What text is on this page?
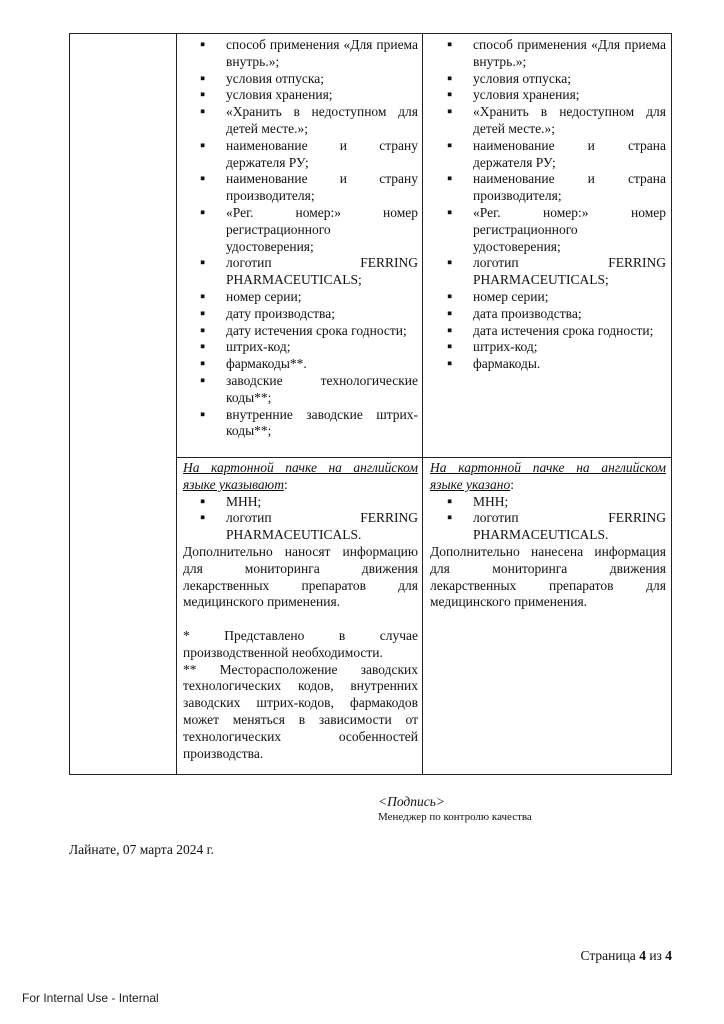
▪ способ применения «Для приема внутрь.»;
▪ условия отпуска;
▪ условия хранения;
▪ «Хранить в недоступном для детей месте.»;
▪ наименование и страну держателя РУ;
▪ наименование и страну производителя;
▪ «Рег. номер:» номер регистрационного удостоверения;
▪ логотип FERRING PHARMACEUTICALS;
▪ номер серии;
▪ дату производства;
▪ дату истечения срока годности;
▪ штрих-код;
▪ фармакоды**.
▪ заводские технологические коды**;
▪ внутренние заводские штрих-коды**;
▪ способ применения «Для приема внутрь.»;
▪ условия отпуска;
▪ условия хранения;
▪ «Хранить в недоступном для детей месте.»;
▪ наименование и страна держателя РУ;
▪ наименование и страна производителя;
▪ «Рег. номер:» номер регистрационного удостоверения;
▪ логотип FERRING PHARMACEUTICALS;
▪ номер серии;
▪ дата производства;
▪ дата истечения срока годности;
▪ штрих-код;
▪ фармакоды.
На картонной пачке на английском языке указывают:
▪ МНН;
▪ логотип FERRING PHARMACEUTICALS.
Дополнительно наносят информацию для мониторинга движения лекарственных препаратов для медицинского применения.
* Представлено в случае производственной необходимости.
** Месторасположение заводских технологических кодов, внутренних заводских штрих-кодов, фармакодов может меняться в зависимости от технологических особенностей производства.
На картонной пачке на английском языке указано:
▪ МНН;
▪ логотип FERRING PHARMACEUTICALS.
Дополнительно нанесена информация для мониторинга движения лекарственных препаратов для медицинского применения.
<Подпись>
Менеджер по контролю качества
Лайнате, 07 марта 2024 г.
Страница 4 из 4
For Internal Use - Internal
